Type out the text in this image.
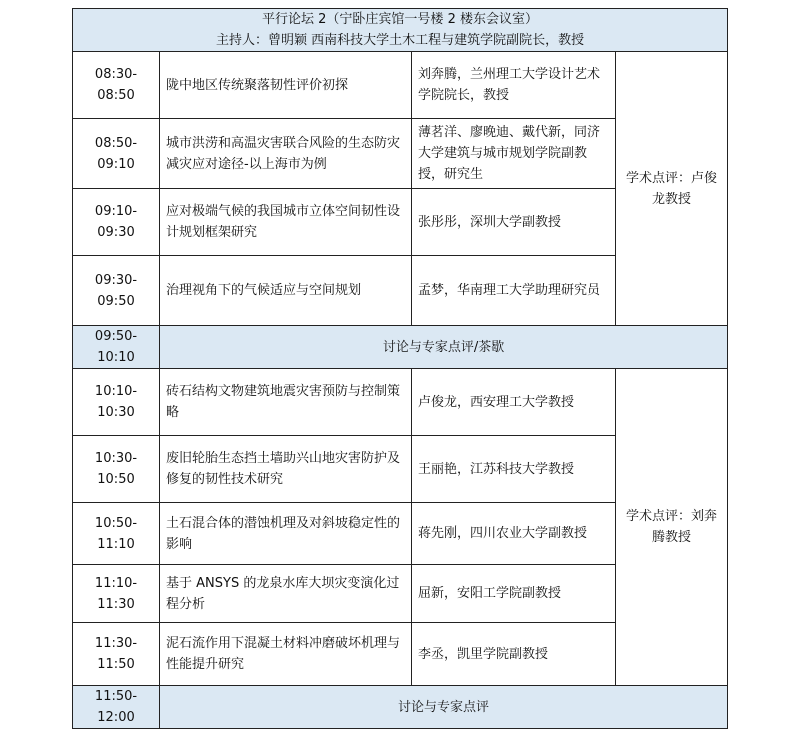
平行论坛 2（宁卧庄宾馆一号楼 2 楼东会议室）
主持人：曾明颖 西南科技大学土木工程与建筑学院副院长，教授			

08:30-08:50	陇中地区传统聚落韧性评价初探	刘奔腾，兰州理工大学设计艺术学院院长，教授	学术点评：卢俊龙教授
08:50-09:10	城市洪涝和高温灾害联合风险的生态防灾减灾应对途径-以上海市为例	薄茗洋、廖晚迪、戴代新，同济大学建筑与城市规划学院副教授，研究生	
09:10-09:30	应对极端气候的我国城市立体空间韧性设计规划框架研究	张彤彤，深圳大学副教授	
09:30-09:50	治理视角下的气候适应与空间规划	孟梦，华南理工大学助理研究员	
09:50-10:10	讨论与专家点评/茶歇		
10:10-10:30	砖石结构文物建筑地震灾害预防与控制策略	卢俊龙，西安理工大学教授	学术点评：刘奔腾教授
10:30-10:50	废旧轮胎生态挡土墙助兴山地灾害防护及修复的韧性技术研究	王丽艳，江苏科技大学教授	
10:50-11:10	土石混合体的潜蚀机理及对斜坡稳定性的影响	蒋先刚，四川农业大学副教授	
11:10-11:30	基于 ANSYS 的龙泉水库大坝灾变演化过程分析	屈新，安阳工学院副教授	
11:30-11:50	泥石流作用下混凝土材料冲磨破坏机理与性能提升研究	李丞，凯里学院副教授	
11:50-12:00	讨论与专家点评		
